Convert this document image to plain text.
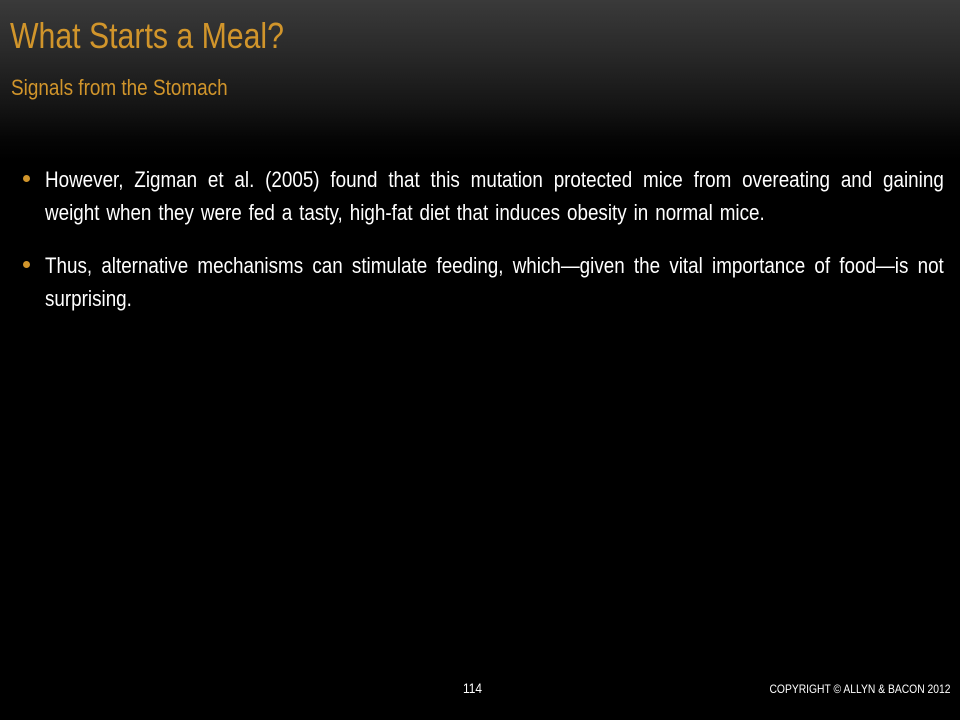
What Starts a Meal?
Signals from the Stomach
However, Zigman et al. (2005) found that this mutation protected mice from overeating and gaining weight when they were fed a tasty, high-fat diet that induces obesity in normal mice.
Thus, alternative mechanisms can stimulate feeding, which—given the vital importance of food—is not surprising.
114	COPYRIGHT © ALLYN & BACON 2012
